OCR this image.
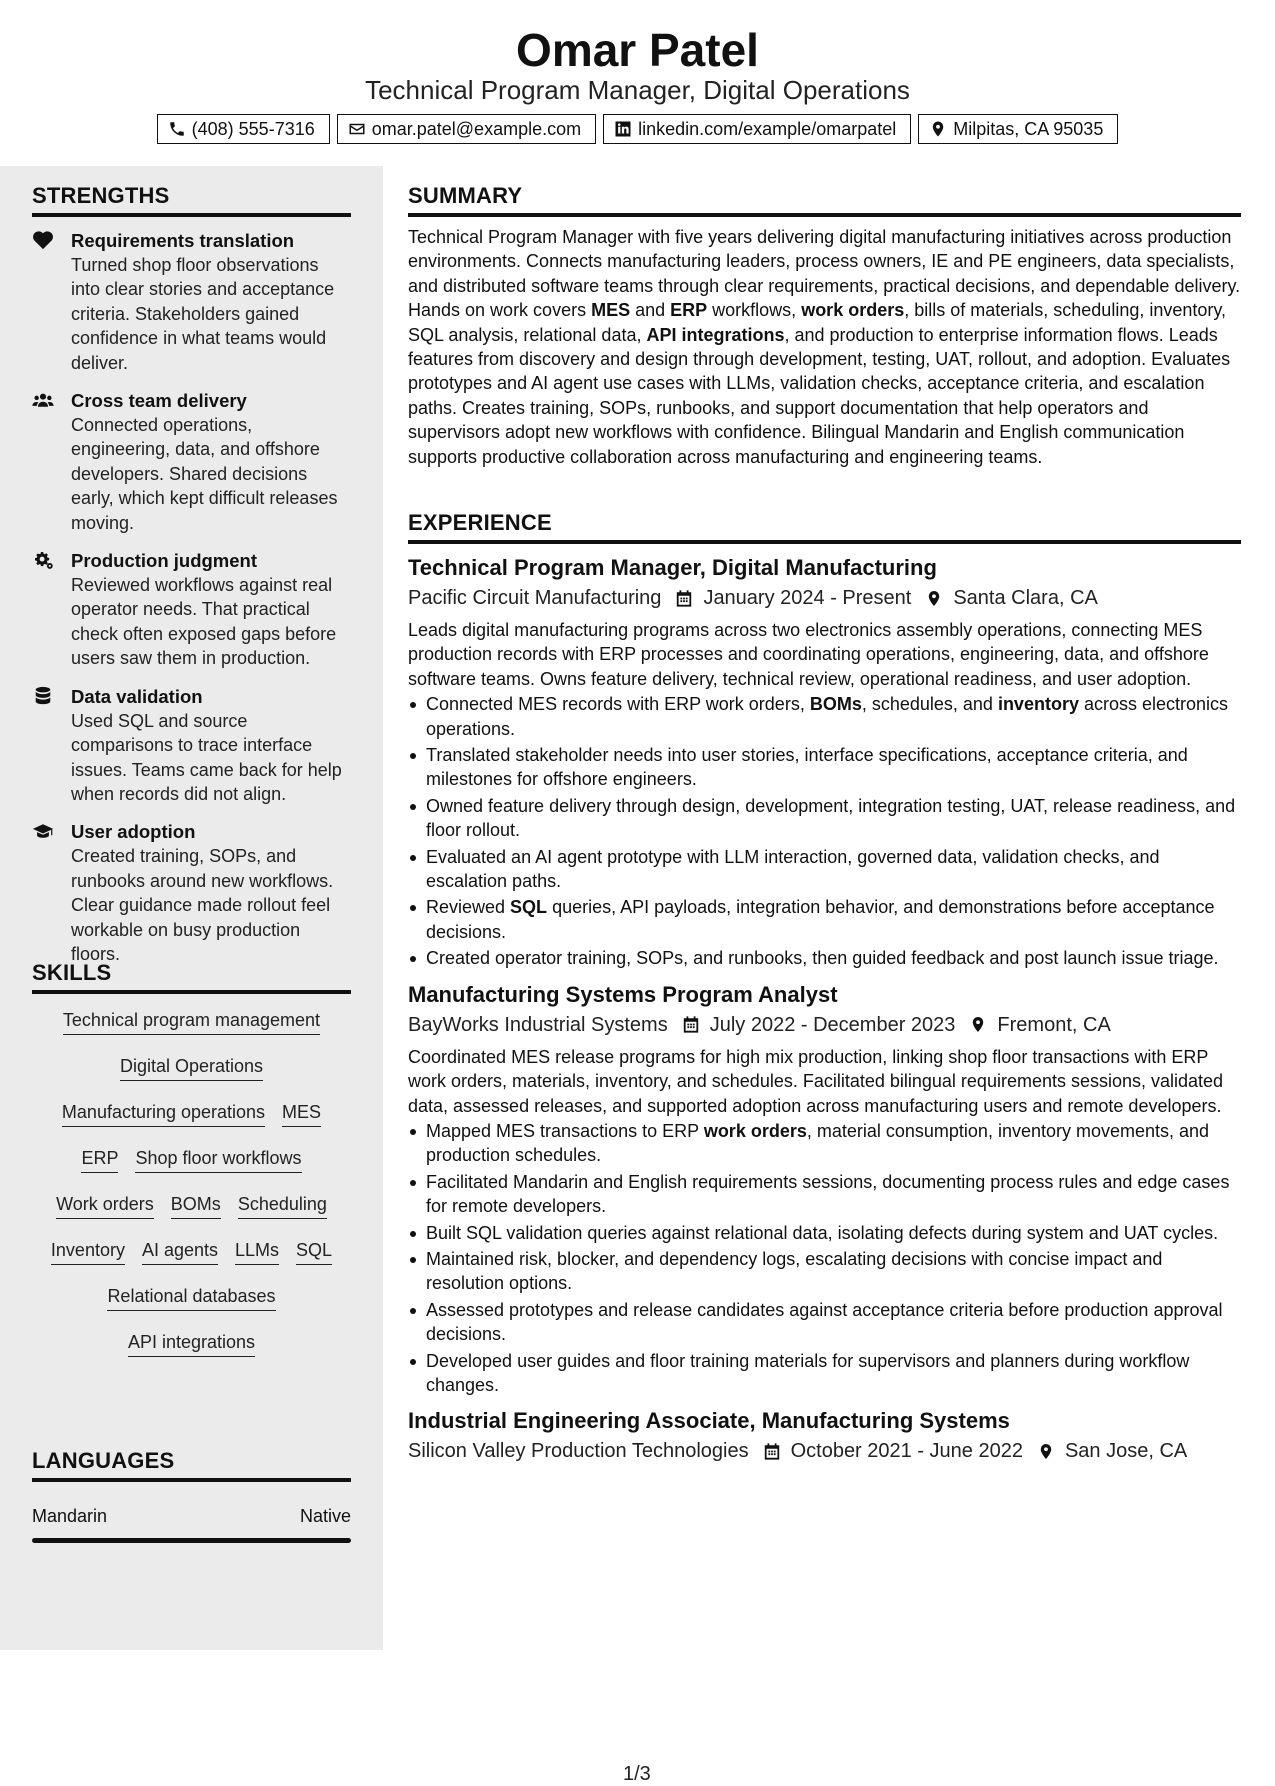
Omar Patel
Technical Program Manager, Digital Operations
(408) 555-7316	omar.patel@example.com	linkedin.com/example/omarpatel	Milpitas, CA 95035
STRENGTHS
Requirements translation
Turned shop floor observations into clear stories and acceptance criteria. Stakeholders gained confidence in what teams would deliver.
Cross team delivery
Connected operations, engineering, data, and offshore developers. Shared decisions early, which kept difficult releases moving.
Production judgment
Reviewed workflows against real operator needs. That practical check often exposed gaps before users saw them in production.
Data validation
Used SQL and source comparisons to trace interface issues. Teams came back for help when records did not align.
User adoption
Created training, SOPs, and runbooks around new workflows. Clear guidance made rollout feel workable on busy production floors.
SKILLS
Technical program management
Digital Operations
Manufacturing operations MES
ERP Shop floor workflows
Work orders BOMs Scheduling
Inventory AI agents LLMs SQL
Relational databases
API integrations
LANGUAGES
Mandarin	Native
SUMMARY
Technical Program Manager with five years delivering digital manufacturing initiatives across production environments. Connects manufacturing leaders, process owners, IE and PE engineers, data specialists, and distributed software teams through clear requirements, practical decisions, and dependable delivery. Hands on work covers MES and ERP workflows, work orders, bills of materials, scheduling, inventory, SQL analysis, relational data, API integrations, and production to enterprise information flows. Leads features from discovery and design through development, testing, UAT, rollout, and adoption. Evaluates prototypes and AI agent use cases with LLMs, validation checks, acceptance criteria, and escalation paths. Creates training, SOPs, runbooks, and support documentation that help operators and supervisors adopt new workflows with confidence. Bilingual Mandarin and English communication supports productive collaboration across manufacturing and engineering teams.
EXPERIENCE
Technical Program Manager, Digital Manufacturing
Pacific Circuit Manufacturing January 2024 - Present Santa Clara, CA
Leads digital manufacturing programs across two electronics assembly operations, connecting MES production records with ERP processes and coordinating operations, engineering, data, and offshore software teams. Owns feature delivery, technical review, operational readiness, and user adoption.
Connected MES records with ERP work orders, BOMs, schedules, and inventory across electronics operations.
Translated stakeholder needs into user stories, interface specifications, acceptance criteria, and milestones for offshore engineers.
Owned feature delivery through design, development, integration testing, UAT, release readiness, and floor rollout.
Evaluated an AI agent prototype with LLM interaction, governed data, validation checks, and escalation paths.
Reviewed SQL queries, API payloads, integration behavior, and demonstrations before acceptance decisions.
Created operator training, SOPs, and runbooks, then guided feedback and post launch issue triage.
Manufacturing Systems Program Analyst
BayWorks Industrial Systems July 2022 - December 2023 Fremont, CA
Coordinated MES release programs for high mix production, linking shop floor transactions with ERP work orders, materials, inventory, and schedules. Facilitated bilingual requirements sessions, validated data, assessed releases, and supported adoption across manufacturing users and remote developers.
Mapped MES transactions to ERP work orders, material consumption, inventory movements, and production schedules.
Facilitated Mandarin and English requirements sessions, documenting process rules and edge cases for remote developers.
Built SQL validation queries against relational data, isolating defects during system and UAT cycles.
Maintained risk, blocker, and dependency logs, escalating decisions with concise impact and resolution options.
Assessed prototypes and release candidates against acceptance criteria before production approval decisions.
Developed user guides and floor training materials for supervisors and planners during workflow changes.
Industrial Engineering Associate, Manufacturing Systems
Silicon Valley Production Technologies October 2021 - June 2022 San Jose, CA
1/3
